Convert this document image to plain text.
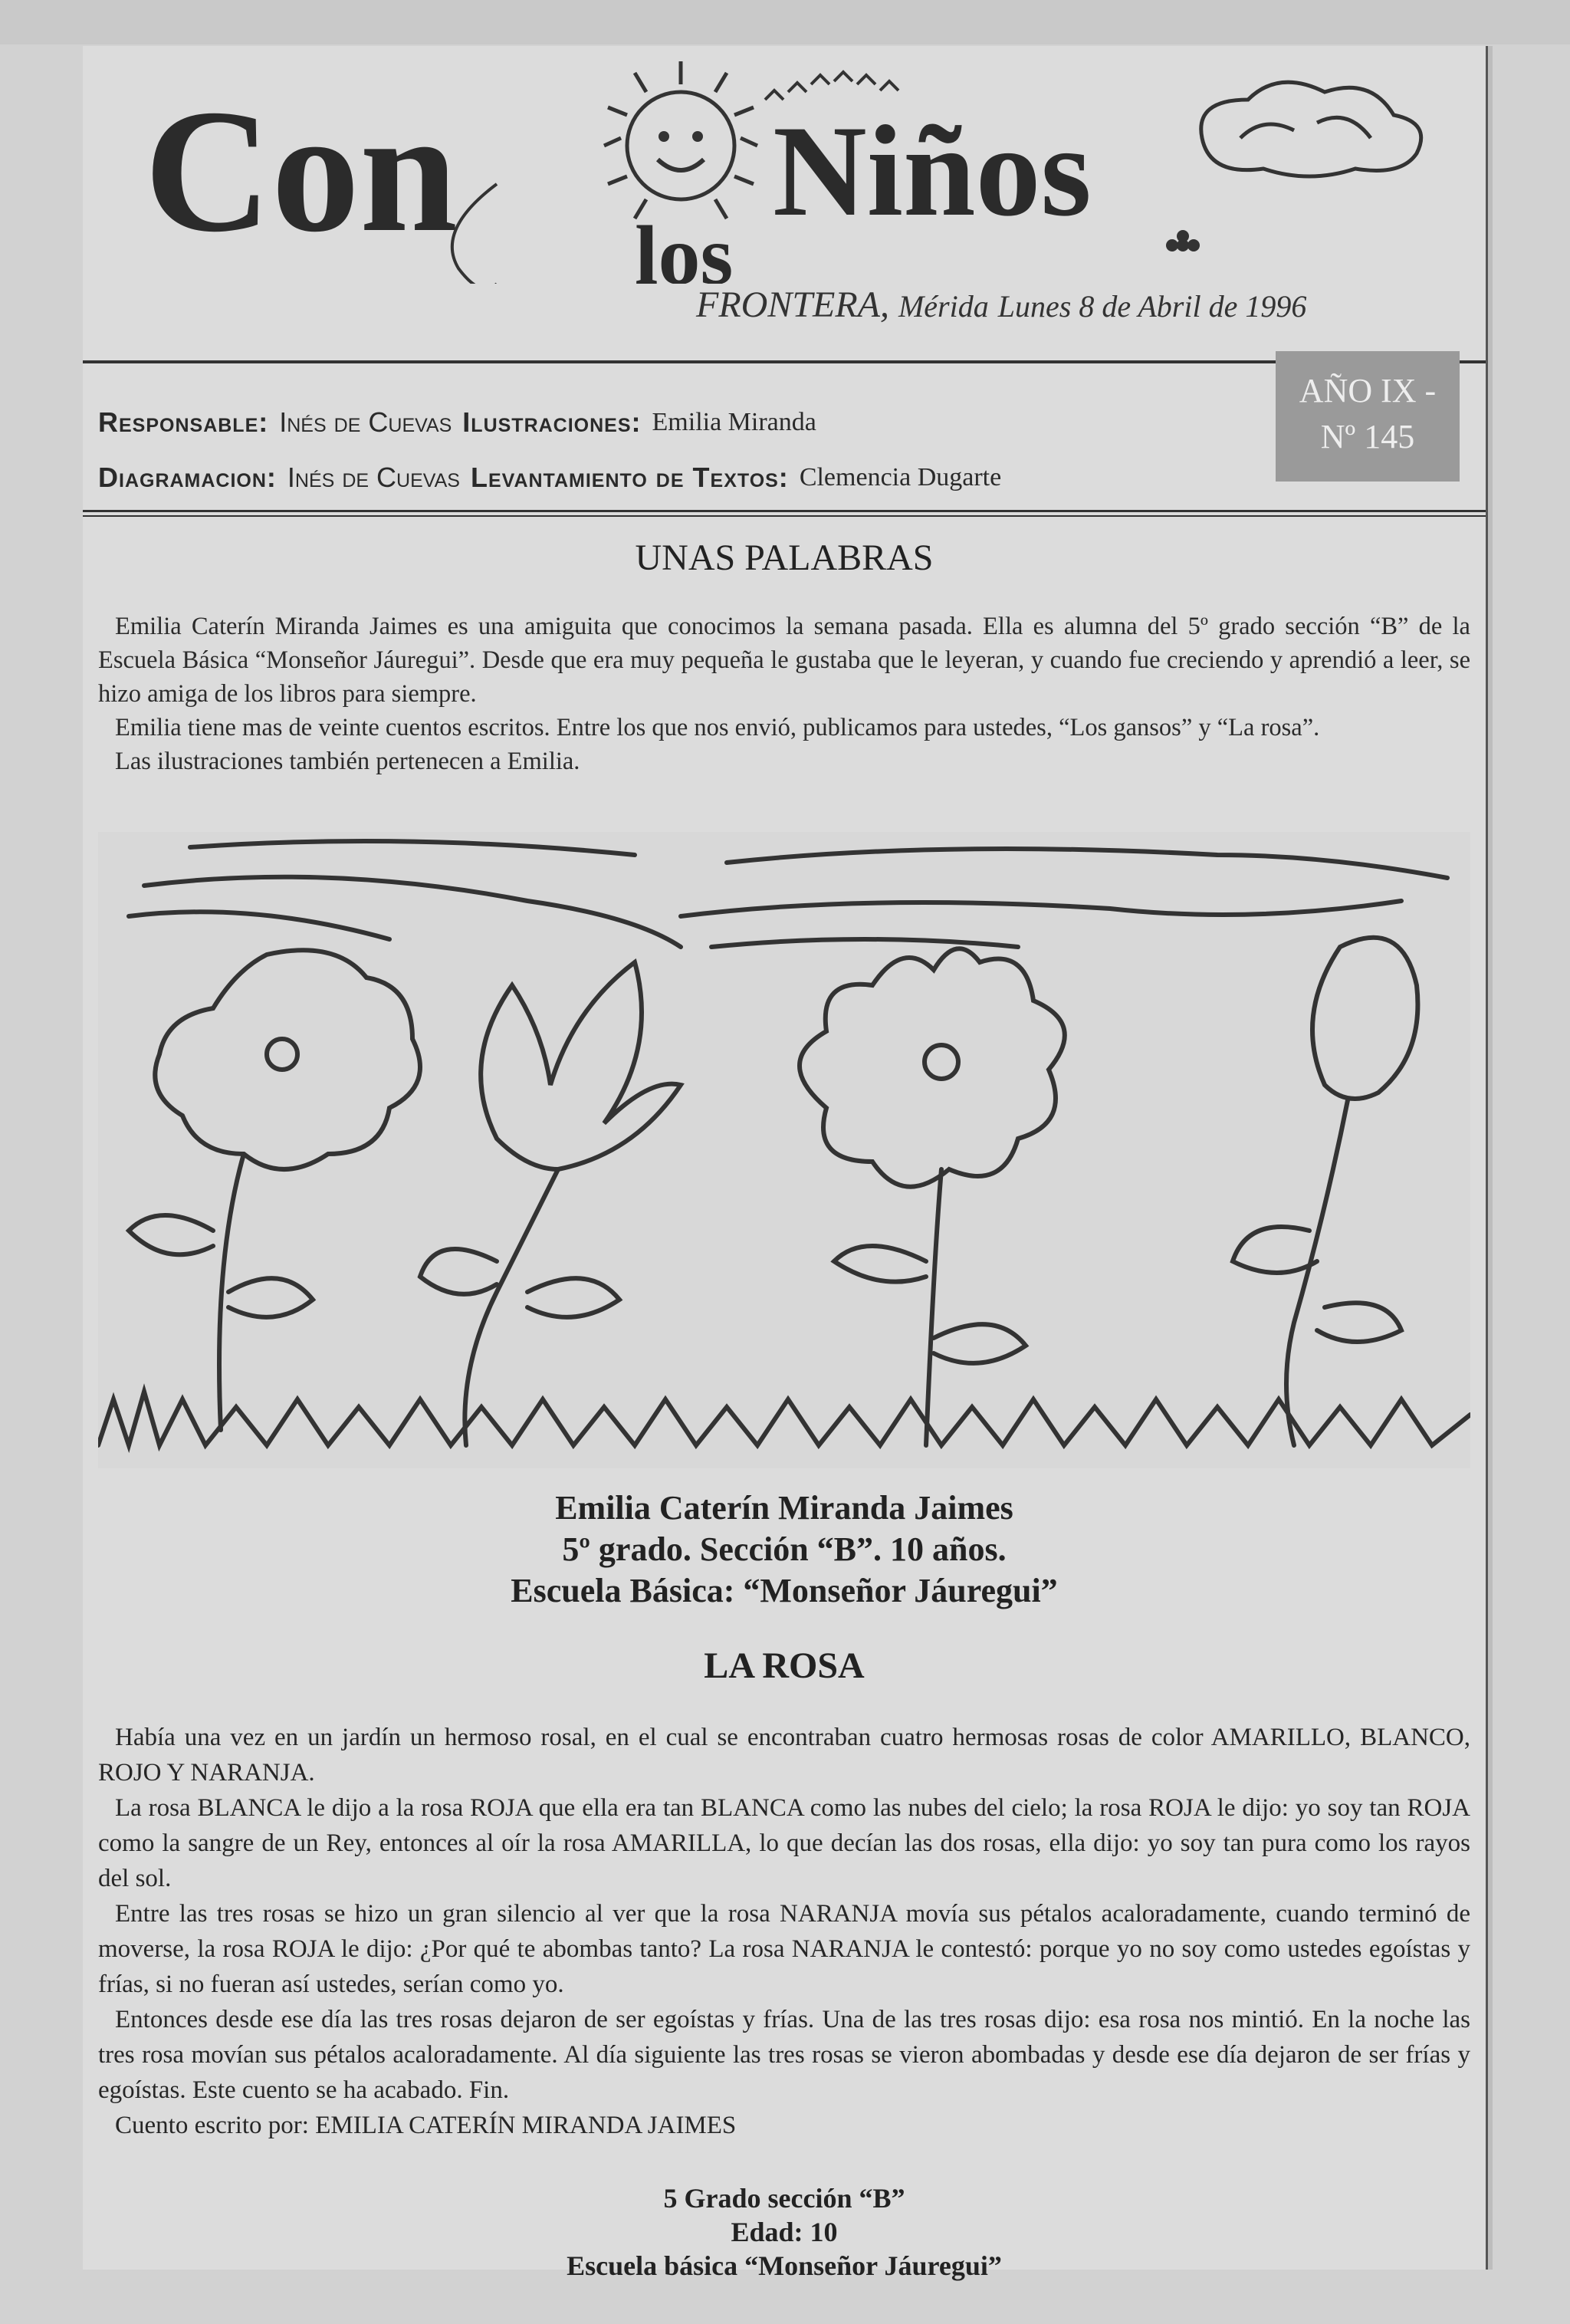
Con Niños
los
FRONTERA, Mérida Lunes 8 de Abril de 1996
Responsable: Inés de Cuevas Ilustraciones: Emilia Miranda
Diagramacion: Inés de Cuevas Levantamiento de Textos: Clemencia Dugarte
AÑO IX -
Nº 145
UNAS PALABRAS

Emilia Caterín Miranda Jaimes es una amiguita que conocimos la semana pasada. Ella es alumna del 5º grado sección “B” de la Escuela Básica “Monseñor Jáuregui”. Desde que era muy pequeña le gustaba que le leyeran, y cuando fue creciendo y aprendió a leer, se hizo amiga de los libros para siempre.

Emilia tiene mas de veinte cuentos escritos. Entre los que nos envió, publicamos para ustedes, “Los gansos” y “La rosa”.

Las ilustraciones también pertenecen a Emilia.

Emilia Caterín Miranda Jaimes
5º grado. Sección “B”. 10 años.
Escuela Básica: “Monseñor Jáuregui”
LA ROSA

Había una vez en un jardín un hermoso rosal, en el cual se encontraban cuatro hermosas rosas de color AMARILLO, BLANCO, ROJO Y NARANJA.

La rosa BLANCA le dijo a la rosa ROJA que ella era tan BLANCA como las nubes del cielo; la rosa ROJA le dijo: yo soy tan ROJA como la sangre de un Rey, entonces al oír la rosa AMARILLA, lo que decían las dos rosas, ella dijo: yo soy tan pura como los rayos del sol.

Entre las tres rosas se hizo un gran silencio al ver que la rosa NARANJA movía sus pétalos acaloradamente, cuando terminó de moverse, la rosa ROJA le dijo: ¿Por qué te abombas tanto? La rosa NARANJA le contestó: porque yo no soy como ustedes egoístas y frías, si no fueran así ustedes, serían como yo.

Entonces desde ese día las tres rosas dejaron de ser egoístas y frías. Una de las tres rosas dijo: esa rosa nos mintió. En la noche las tres rosa movían sus pétalos acaloradamente. Al día siguiente las tres rosas se vieron abombadas y desde ese día dejaron de ser frías y egoístas. Este cuento se ha acabado. Fin.

Cuento escrito por: EMILIA CATERÍN MIRANDA JAIMES

5 Grado sección “B”
Edad: 10
Escuela básica “Monseñor Jáuregui”
